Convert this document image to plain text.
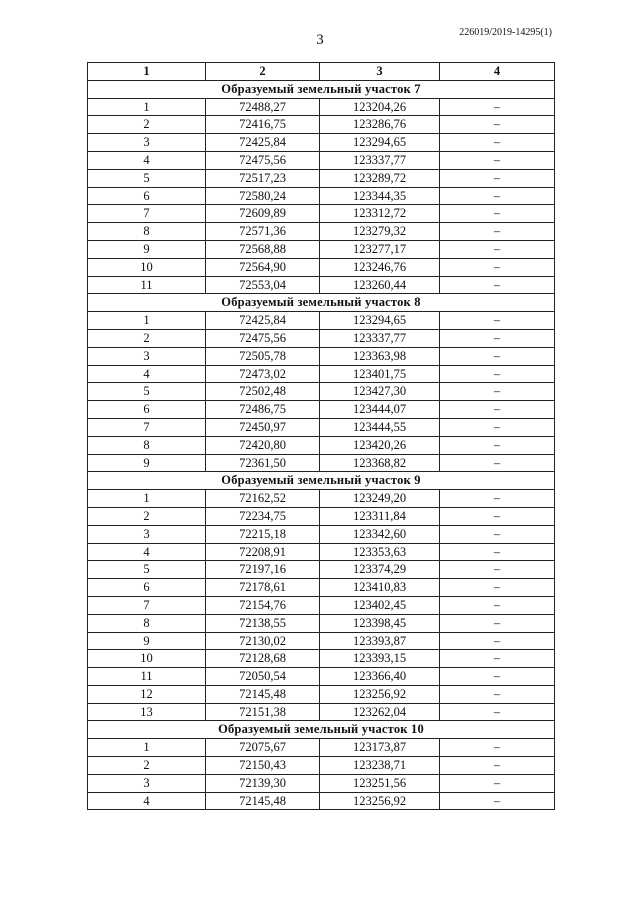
3	226019/2019-14295(1)
1	2	3	4
Образуемый земельный участок 7			
1	72488,27	123204,26	–
2	72416,75	123286,76	–
3	72425,84	123294,65	–
4	72475,56	123337,77	–
5	72517,23	123289,72	–
6	72580,24	123344,35	–
7	72609,89	123312,72	–
8	72571,36	123279,32	–
9	72568,88	123277,17	–
10	72564,90	123246,76	–
11	72553,04	123260,44	–
Образуемый земельный участок 8			
1	72425,84	123294,65	–
2	72475,56	123337,77	–
3	72505,78	123363,98	–
4	72473,02	123401,75	–
5	72502,48	123427,30	–
6	72486,75	123444,07	–
7	72450,97	123444,55	–
8	72420,80	123420,26	–
9	72361,50	123368,82	–
Образуемый земельный участок 9			
1	72162,52	123249,20	–
2	72234,75	123311,84	–
3	72215,18	123342,60	–
4	72208,91	123353,63	–
5	72197,16	123374,29	–
6	72178,61	123410,83	–
7	72154,76	123402,45	–
8	72138,55	123398,45	–
9	72130,02	123393,87	–
10	72128,68	123393,15	–
11	72050,54	123366,40	–
12	72145,48	123256,92	–
13	72151,38	123262,04	–
Образуемый земельный участок 10			
1	72075,67	123173,87	–
2	72150,43	123238,71	–
3	72139,30	123251,56	–
4	72145,48	123256,92	–
